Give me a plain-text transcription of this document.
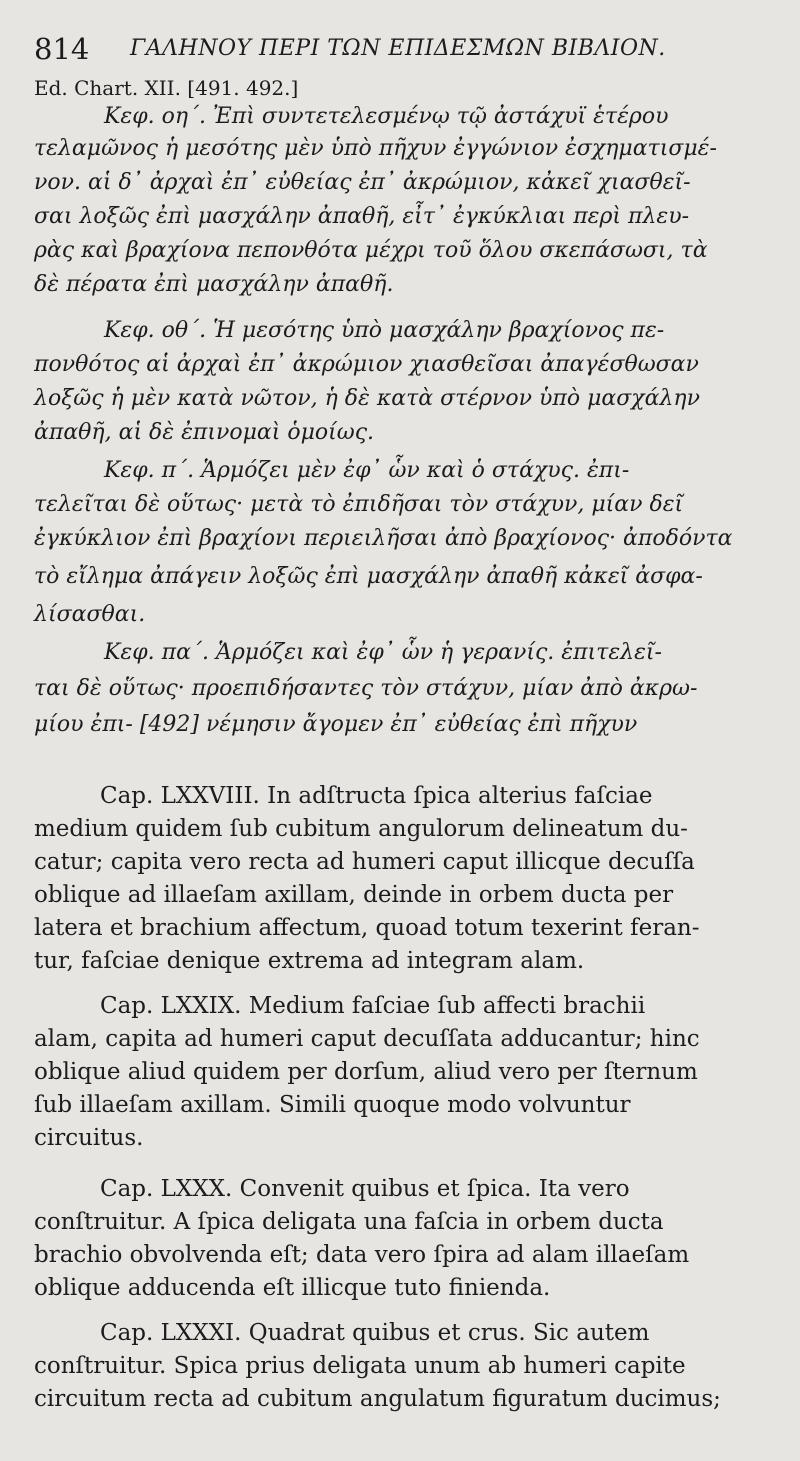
814 ΓΑΛΗΝΟΥ ΠΕΡΙ ΤΩΝ ΕΠΙΔΕΣΜΩΝ ΒΙΒΛΙΟΝ.
Ed. Chart. XII. [491. 492.]
Κεφ. οη΄. Ἐπὶ συντετελεσμένῳ τῷ ἀστάχυϊ ἑτέρου
τελαμῶνος ἡ μεσότης μὲν ὑπὸ πῆχυν ἐγγώνιον ἐσχηματισμέ-
νον. αἱ δ᾽ ἀρχαὶ ἐπ᾽ εὐθείας ἐπ᾽ ἀκρώμιον, κἀκεῖ χιασθεῖ-
σαι λοξῶς ἐπὶ μασχάλην ἀπαθῆ, εἶτ᾽ ἐγκύκλιαι περὶ πλευ-
ρὰς καὶ βραχίονα πεπονθότα μέχρι τοῦ ὅλου σκεπάσωσι, τὰ
δὲ πέρατα ἐπὶ μασχάλην ἀπαθῆ.
Κεφ. οθ΄. Ἡ μεσότης ὑπὸ μασχάλην βραχίονος πε-
πονθότος αἱ ἀρχαὶ ἐπ᾽ ἀκρώμιον χιασθεῖσαι ἀπαγέσθωσαν
λοξῶς ἡ μὲν κατὰ νῶτον, ἡ δὲ κατὰ στέρνον ὑπὸ μασχάλην
ἀπαθῆ, αἱ δὲ ἐπινομαὶ ὁμοίως.
Κεφ. π΄. Ἁρμόζει μὲν ἐφ᾽ ὧν καὶ ὁ στάχυς. ἐπι-
τελεῖται δὲ οὕτως· μετὰ τὸ ἐπιδῆσαι τὸν στάχυν, μίαν δεῖ
ἐγκύκλιον ἐπὶ βραχίονι περιειλῆσαι ἀπὸ βραχίονος· ἀποδόντα
τὸ εἴλημα ἀπάγειν λοξῶς ἐπὶ μασχάλην ἀπαθῆ κἀκεῖ ἀσφα-
λίσασθαι.
Κεφ. πα΄. Ἁρμόζει καὶ ἐφ᾽ ὧν ἡ γερανίς. ἐπιτελεῖ-
ται δὲ οὕτως· προεπιδήσαντες τὸν στάχυν, μίαν ἀπὸ ἀκρω-
μίου ἐπι- [492] νέμησιν ἄγομεν ἐπ᾽ εὐθείας ἐπὶ πῆχυν
Cap. LXXVIII. In adſtructa ſpica alterius faſciae
medium quidem ſub cubitum angulorum delineatum du-
catur; capita vero recta ad humeri caput illicque decuſſa
oblique ad illaeſam axillam, deinde in orbem ducta per
latera et brachium affectum, quoad totum texerint feran-
tur, faſciae denique extrema ad integram alam.
Cap. LXXIX. Medium faſciae ſub affecti brachii
alam, capita ad humeri caput decuſſata adducantur; hinc
oblique aliud quidem per dorſum, aliud vero per ſternum
ſub illaeſam axillam. Simili quoque modo volvuntur
circuitus.
Cap. LXXX. Convenit quibus et ſpica. Ita vero
conſtruitur. A ſpica deligata una faſcia in orbem ducta
brachio obvolvenda eſt; data vero ſpira ad alam illaeſam
oblique adducenda eſt illicque tuto finienda.
Cap. LXXXI. Quadrat quibus et crus. Sic autem
conſtruitur. Spica prius deligata unum ab humeri capite
circuitum recta ad cubitum angulatum figuratum ducimus;
